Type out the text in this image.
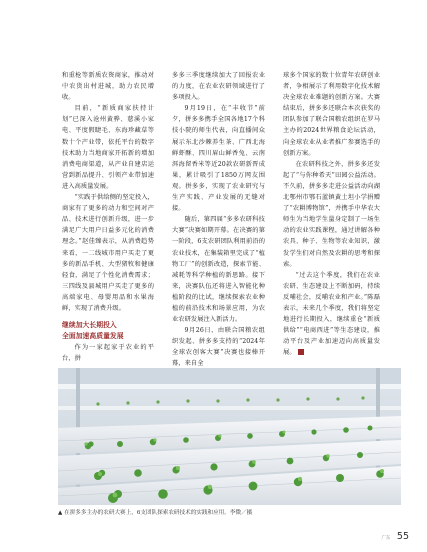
和重枪等新质农资商家，推动对中农货出村进城，助力农民增收。

目前，“新质商家扶持计划”已深入沧州黄骅、慈溪小家电、平度假睫毛、东海珍藏草等数十个产业带，依托平台的数字技术助力当地商家开拓新的增加消费电商渠道，从产业自建店运营到新品提升、引领产业带加速进入高质量发展。

“实践于供给侧的坚定投入，商家有了更多的动力和空间对产品、技术进行创新升级，进一步满足广大用户日益多元化的消费理念。”赵佳臻表示，从消费趋势来看，一二线城市用户买走了更多的新品手机、大型猪牧和健康轻食，满足了个性化消费需求；三四线及县城用户买走了更多的高端家电、母婴用品和水果海鲜，实现了消费升级。

继续加大长期投入
全面加速高质量发展

作为一家起家于农业的平台，拼

多多三季度继续加大了回报农业的力度，在农业农研领域进行了多项投入。

9月19日，在“丰收节”前夕，拼多多携手全国各地17个科技小院的师生代表，向直播间众展示东北沙棘养生茶、广西北海鲜虾酥、四川眉山鲜香兔、云南洱海留香米等近20款农研新晋成果，累计吸引了1850万网友围观。拼多多，实现了农业研究与生产实践、产业发展的无缝对接。

随后，第四届“多多农研科技大赛”决赛如期开幕。在决赛的第一阶段，6支农研团队利用前沿的农业技术，在集装箱里完成了“植物工厂”的创新改造，探索节能、减耗等科学种植的新思路。接下来，决赛队伍还将进入智能化种植阶段的比试，继续探索农业种植的前沿技术和场景应用，为农业农研发展注入新活力。

9月26日，由联合国粮农组织发起、拼多多支持的“2024年全球农创客大赛”决赛也接棒开幕，来自全

球多个国家的数十位青年农研创业者，争相展示了利用数字化技术解决全球农业难题的创新方案。大赛结束后，拼多多还联合本次获奖的团队参加了联合国粮农组织在罗马主办的2024世界粮食论坛活动，向全球农业从业者推广参赛选手的创新方案。

在农研科技之外，拼多多还发起了“与你种希天”田园公益活动。不久前，拼多多走进公益活动向湖北鄂州市鄂石蓝镇黄土坦小学捐赠了“农耕博物馆”，并携手中华农大师生为当地学生量身定制了一场生动的农业实践课程，通过讲解各种农具、种子、生物等农业知识，激发学生们对自然及农耕的思考和探索。

“过去这个季度，我们在农业农研、生态建设上不断加码，持续反哺社会，反哺农业和产业。”陈磊表示，未来几个季度，我们将坚定地进行长期投入，继续重仓“新质供给”“电商西进”等生态建设，推动平台及产业加速迈向高质量发展。

▲ 在拼多多主办的农研大赛上，6支团队探索农研技术的实践和应用。李微／摄
广东 55
